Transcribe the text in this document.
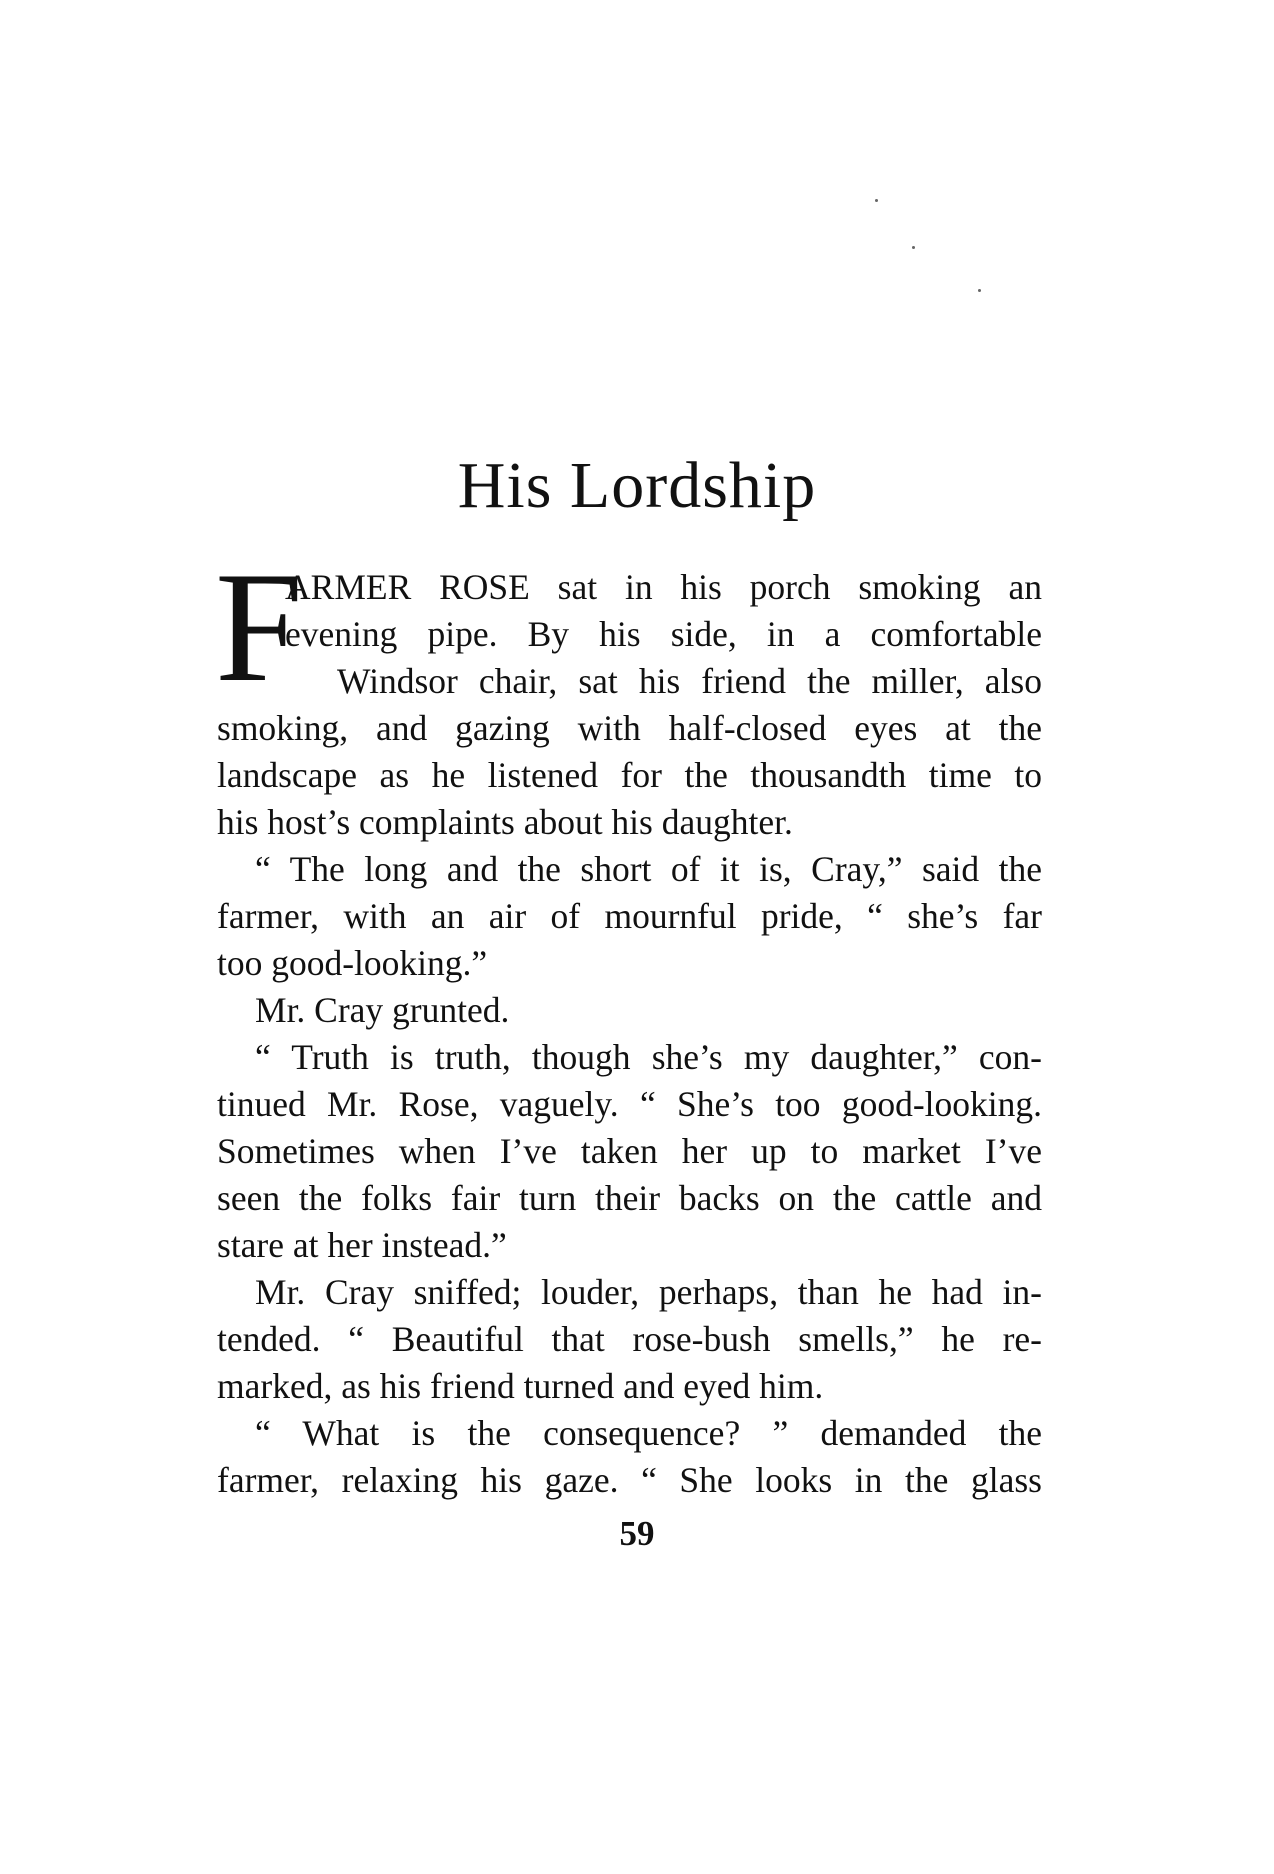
His Lordship
F
ARMER ROSE sat in his porch smoking an
evening pipe. By his side, in a comfortable
Windsor chair, sat his friend the miller, also
smoking, and gazing with half-closed eyes at the
landscape as he listened for the thousandth time to
his host’s complaints about his daughter.
“ The long and the short of it is, Cray,” said the
farmer, with an air of mournful pride, “ she’s far
too good-looking.”
Mr. Cray grunted.
“ Truth is truth, though she’s my daughter,” con-
tinued Mr. Rose, vaguely. “ She’s too good-looking.
Sometimes when I’ve taken her up to market I’ve
seen the folks fair turn their backs on the cattle and
stare at her instead.”
Mr. Cray sniffed; louder, perhaps, than he had in-
tended. “ Beautiful that rose-bush smells,” he re-
marked, as his friend turned and eyed him.
“ What is the consequence? ” demanded the
farmer, relaxing his gaze. “ She looks in the glass
59
